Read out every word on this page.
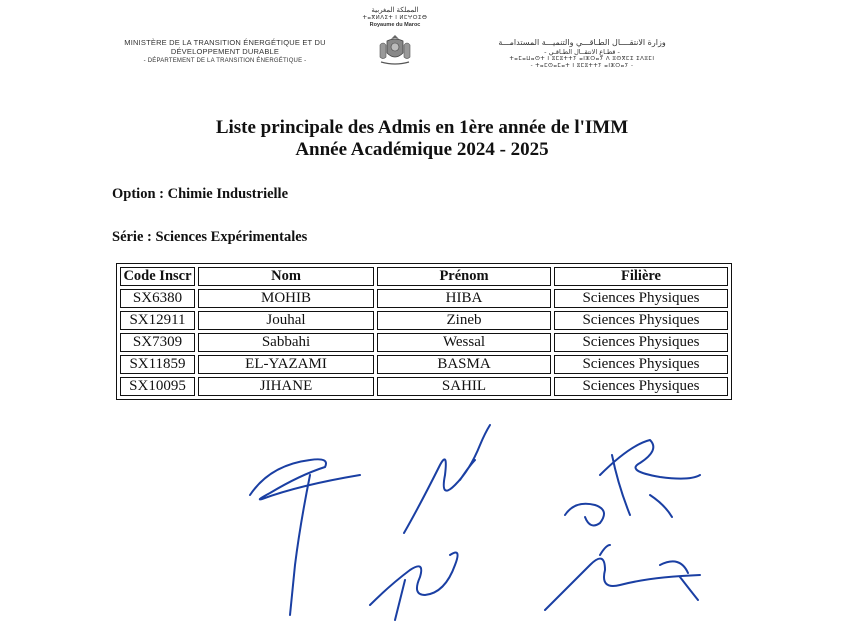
MINISTÈRE DE LA TRANSITION ÉNERGÉTIQUE ET DU
DÉVELOPPEMENT DURABLE
- DÉPARTEMENT DE LA TRANSITION ÉNERGÉTIQUE -
المملكة المغربية
ⵜⴰⴳⵍⴷⵉⵜ ⵏ ⵍⵎⵖⵔⵉⴱ
Royaume du Maroc
وزارة الانتقــــال الطـاقـــي والتنميـــة المستدامـــة
- قطـاع الانتقــال الطـاقـي -
ⵜⴰⵎⴰⵡⴰⵙⵜ ⵏ ⵓⵎⵓⵜⵜⵢ ⴰⵏⵣⵔⴰⵢ ⴷ ⵓⵙⴳⵎⵉ ⵉⴷⵓⵎⵏ
- ⵜⴰⵎⵙⴰⵎⴰⵜ ⵏ ⵓⵎⵓⵜⵜⵢ ⴰⵏⵣⵔⴰⵢ -
Liste principale des Admis en 1ère année de l'IMM
Année Académique 2024 - 2025
Option : Chimie Industrielle
Série : Sciences Expérimentales
Code Inscr	Nom	Prénom	Filière
SX6380	MOHIB	HIBA	Sciences Physiques
SX12911	Jouhal	Zineb	Sciences Physiques
SX7309	Sabbahi	Wessal	Sciences Physiques
SX11859	EL-YAZAMI	BASMA	Sciences Physiques
SX10095	JIHANE	SAHIL	Sciences Physiques
